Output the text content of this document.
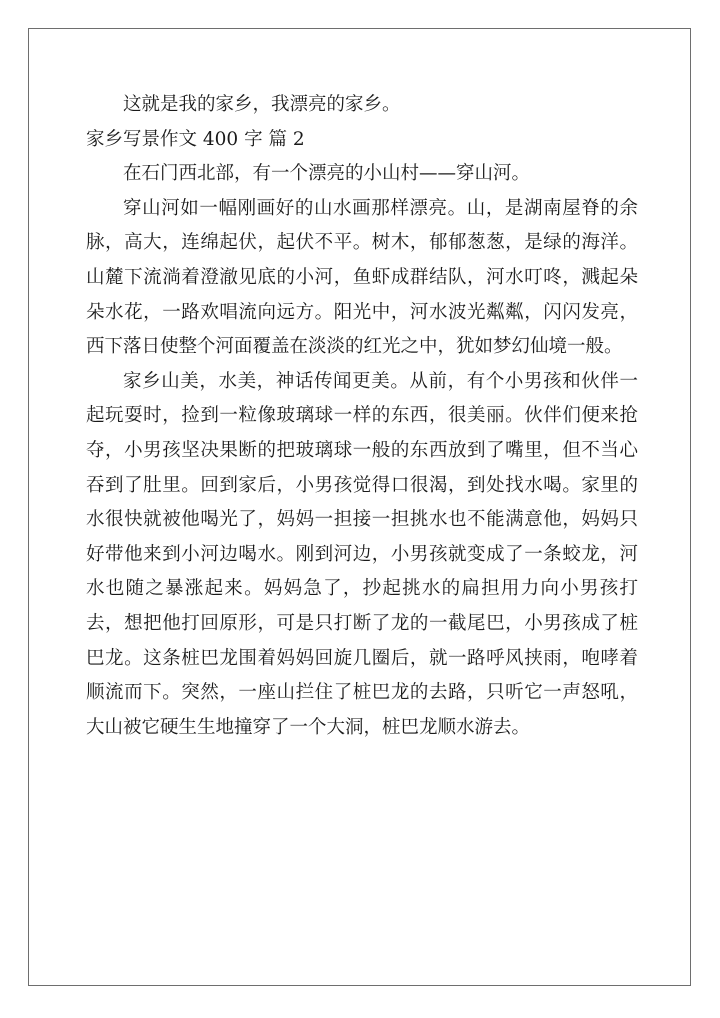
这就是我的家乡，我漂亮的家乡。

家乡写景作文 400 字 篇 2

在石门西北部，有一个漂亮的小山村——穿山河。

穿山河如一幅刚画好的山水画那样漂亮。山，是湖南屋脊的余脉，高大，连绵起伏，起伏不平。树木，郁郁葱葱，是绿的海洋。山麓下流淌着澄澈见底的小河，鱼虾成群结队，河水叮咚，溅起朵朵水花，一路欢唱流向远方。阳光中，河水波光粼粼，闪闪发亮，西下落日使整个河面覆盖在淡淡的红光之中，犹如梦幻仙境一般。

家乡山美，水美，神话传闻更美。从前，有个小男孩和伙伴一起玩耍时，捡到一粒像玻璃球一样的东西，很美丽。伙伴们便来抢夺，小男孩坚决果断的把玻璃球一般的东西放到了嘴里，但不当心吞到了肚里。回到家后，小男孩觉得口很渴，到处找水喝。家里的水很快就被他喝光了，妈妈一担接一担挑水也不能满意他，妈妈只好带他来到小河边喝水。刚到河边，小男孩就变成了一条蛟龙，河水也随之暴涨起来。妈妈急了，抄起挑水的扁担用力向小男孩打去，想把他打回原形，可是只打断了龙的一截尾巴，小男孩成了桩巴龙。这条桩巴龙围着妈妈回旋几圈后，就一路呼风挟雨，咆哮着顺流而下。突然，一座山拦住了桩巴龙的去路，只听它一声怒吼，大山被它硬生生地撞穿了一个大洞，桩巴龙顺水游去。
